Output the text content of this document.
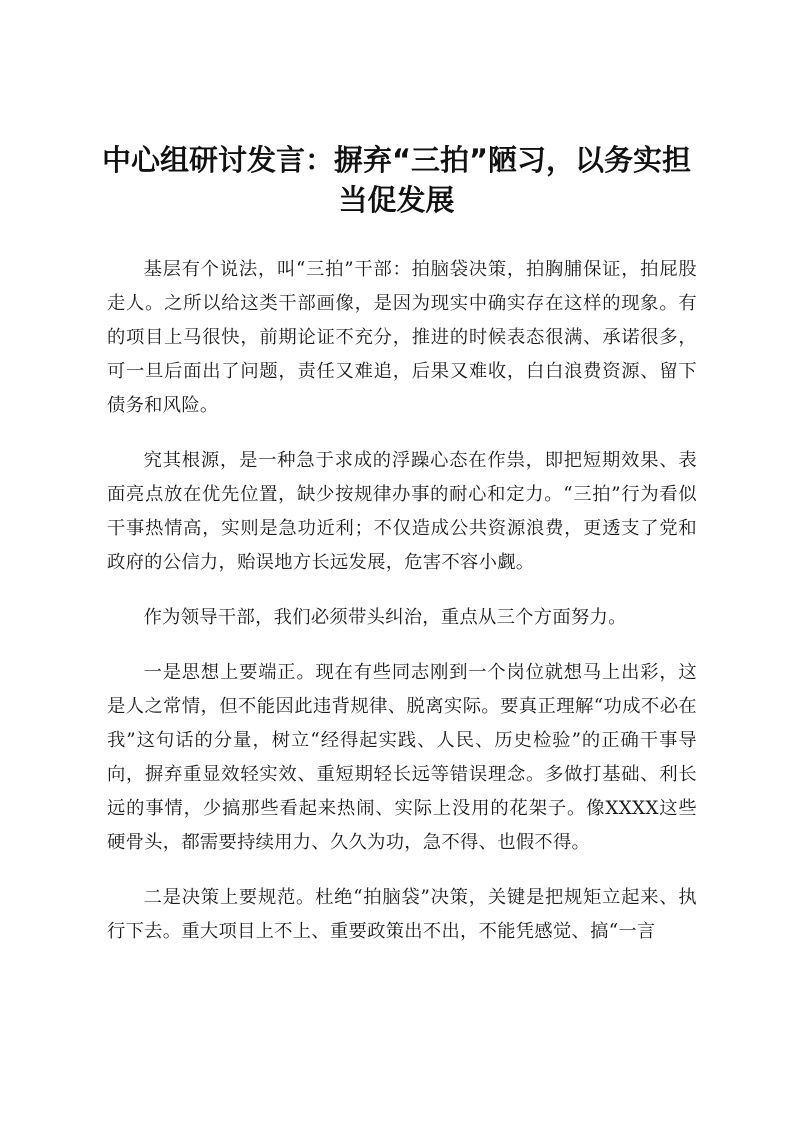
中心组研讨发言：摒弃“三拍”陋习，以务实担当促发展

基层有个说法，叫“三拍”干部：拍脑袋决策，拍胸脯保证，拍屁股走人。之所以给这类干部画像，是因为现实中确实存在这样的现象。有的项目上马很快，前期论证不充分，推进的时候表态很满、承诺很多，可一旦后面出了问题，责任又难追，后果又难收，白白浪费资源、留下债务和风险。

究其根源，是一种急于求成的浮躁心态在作祟，即把短期效果、表面亮点放在优先位置，缺少按规律办事的耐心和定力。“三拍”行为看似干事热情高，实则是急功近利；不仅造成公共资源浪费，更透支了党和政府的公信力，贻误地方长远发展，危害不容小觑。

作为领导干部，我们必须带头纠治，重点从三个方面努力。

一是思想上要端正。现在有些同志刚到一个岗位就想马上出彩，这是人之常情，但不能因此违背规律、脱离实际。要真正理解“功成不必在我”这句话的分量，树立“经得起实践、人民、历史检验”的正确干事导向，摒弃重显效轻实效、重短期轻长远等错误理念。多做打基础、利长远的事情，少搞那些看起来热闹、实际上没用的花架子。像XXXX这些硬骨头，都需要持续用力、久久为功，急不得、也假不得。

二是决策上要规范。杜绝“拍脑袋”决策，关键是把规矩立起来、执行下去。重大项目上不上、重要政策出不出，不能凭感觉、搞“一言
